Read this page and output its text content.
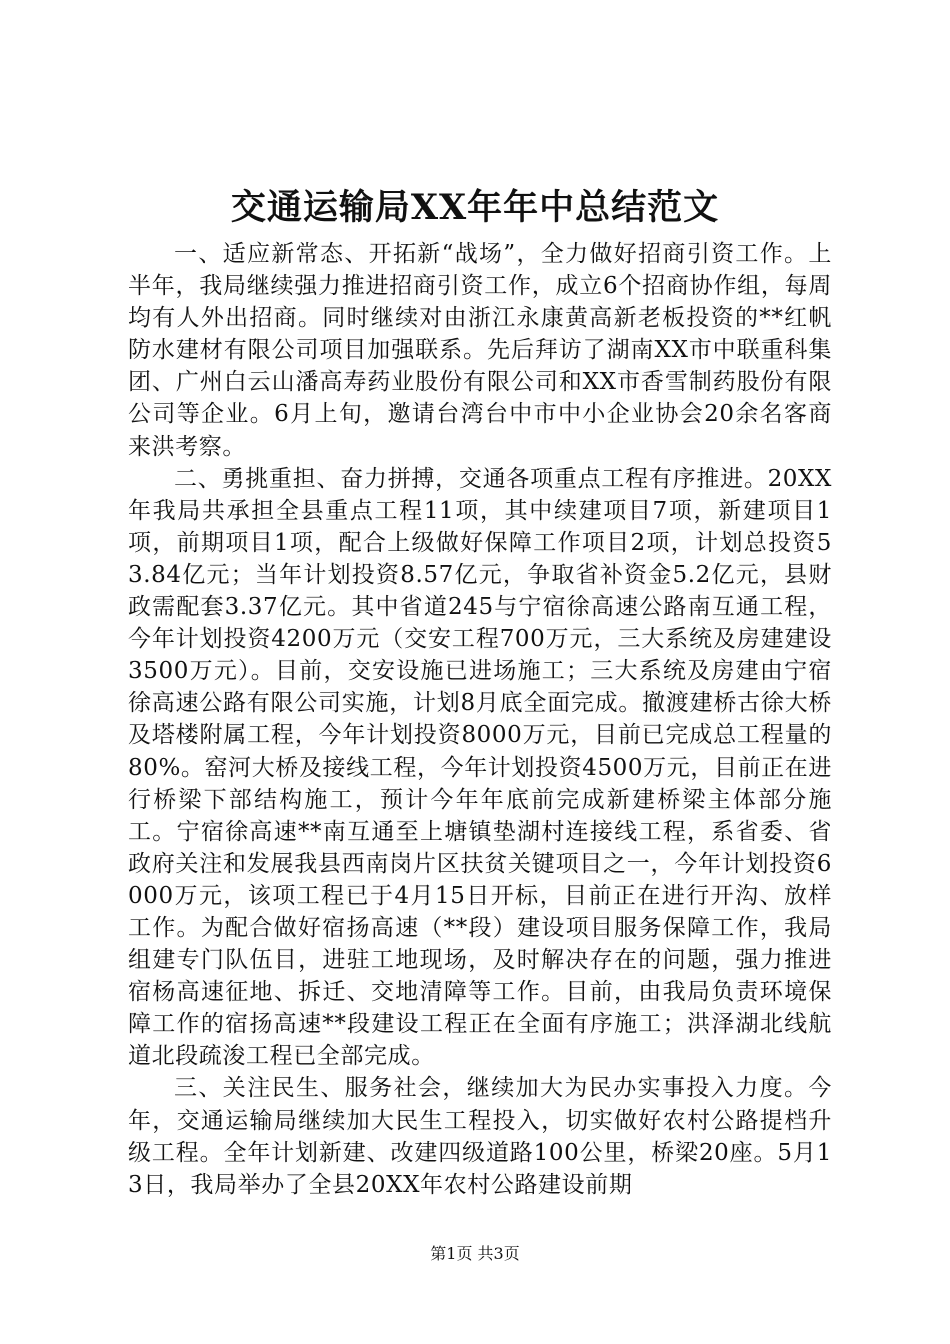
交通运输局XX年年中总结范文

一、适应新常态、开拓新“战场”，全力做好招商引资工作。上半年，我局继续强力推进招商引资工作，成立6个招商协作组，每周均有人外出招商。同时继续对由浙江永康黄高新老板投资的**红帆防水建材有限公司项目加强联系。先后拜访了湖南XX市中联重科集团、广州白云山潘高寿药业股份有限公司和XX市香雪制药股份有限公司等企业。6月上旬，邀请台湾台中市中小企业协会20余名客商来洪考察。

二、勇挑重担、奋力拼搏，交通各项重点工程有序推进。20XX年我局共承担全县重点工程11项，其中续建项目7项，新建项目1项，前期项目1项，配合上级做好保障工作项目2项，计划总投资53.84亿元；当年计划投资8.57亿元，争取省补资金5.2亿元，县财政需配套3.37亿元。其中省道245与宁宿徐高速公路南互通工程，今年计划投资4200万元（交安工程700万元，三大系统及房建建设3500万元）。目前，交安设施已进场施工；三大系统及房建由宁宿徐高速公路有限公司实施，计划8月底全面完成。撤渡建桥古徐大桥及塔楼附属工程，今年计划投资8000万元，目前已完成总工程量的80%。窑河大桥及接线工程，今年计划投资4500万元，目前正在进行桥梁下部结构施工，预计今年年底前完成新建桥梁主体部分施工。宁宿徐高速**南互通至上塘镇垫湖村连接线工程，系省委、省政府关注和发展我县西南岗片区扶贫关键项目之一，今年计划投资6000万元，该项工程已于4月15日开标，目前正在进行开沟、放样工作。为配合做好宿扬高速（**段）建设项目服务保障工作，我局组建专门队伍目，进驻工地现场，及时解决存在的问题，强力推进宿杨高速征地、拆迁、交地清障等工作。目前，由我局负责环境保障工作的宿扬高速**段建设工程正在全面有序施工；洪泽湖北线航道北段疏浚工程已全部完成。

三、关注民生、服务社会，继续加大为民办实事投入力度。今年，交通运输局继续加大民生工程投入，切实做好农村公路提档升级工程。全年计划新建、改建四级道路100公里，桥梁20座。5月13日，我局举办了全县20XX年农村公路建设前期

第1页 共3页
